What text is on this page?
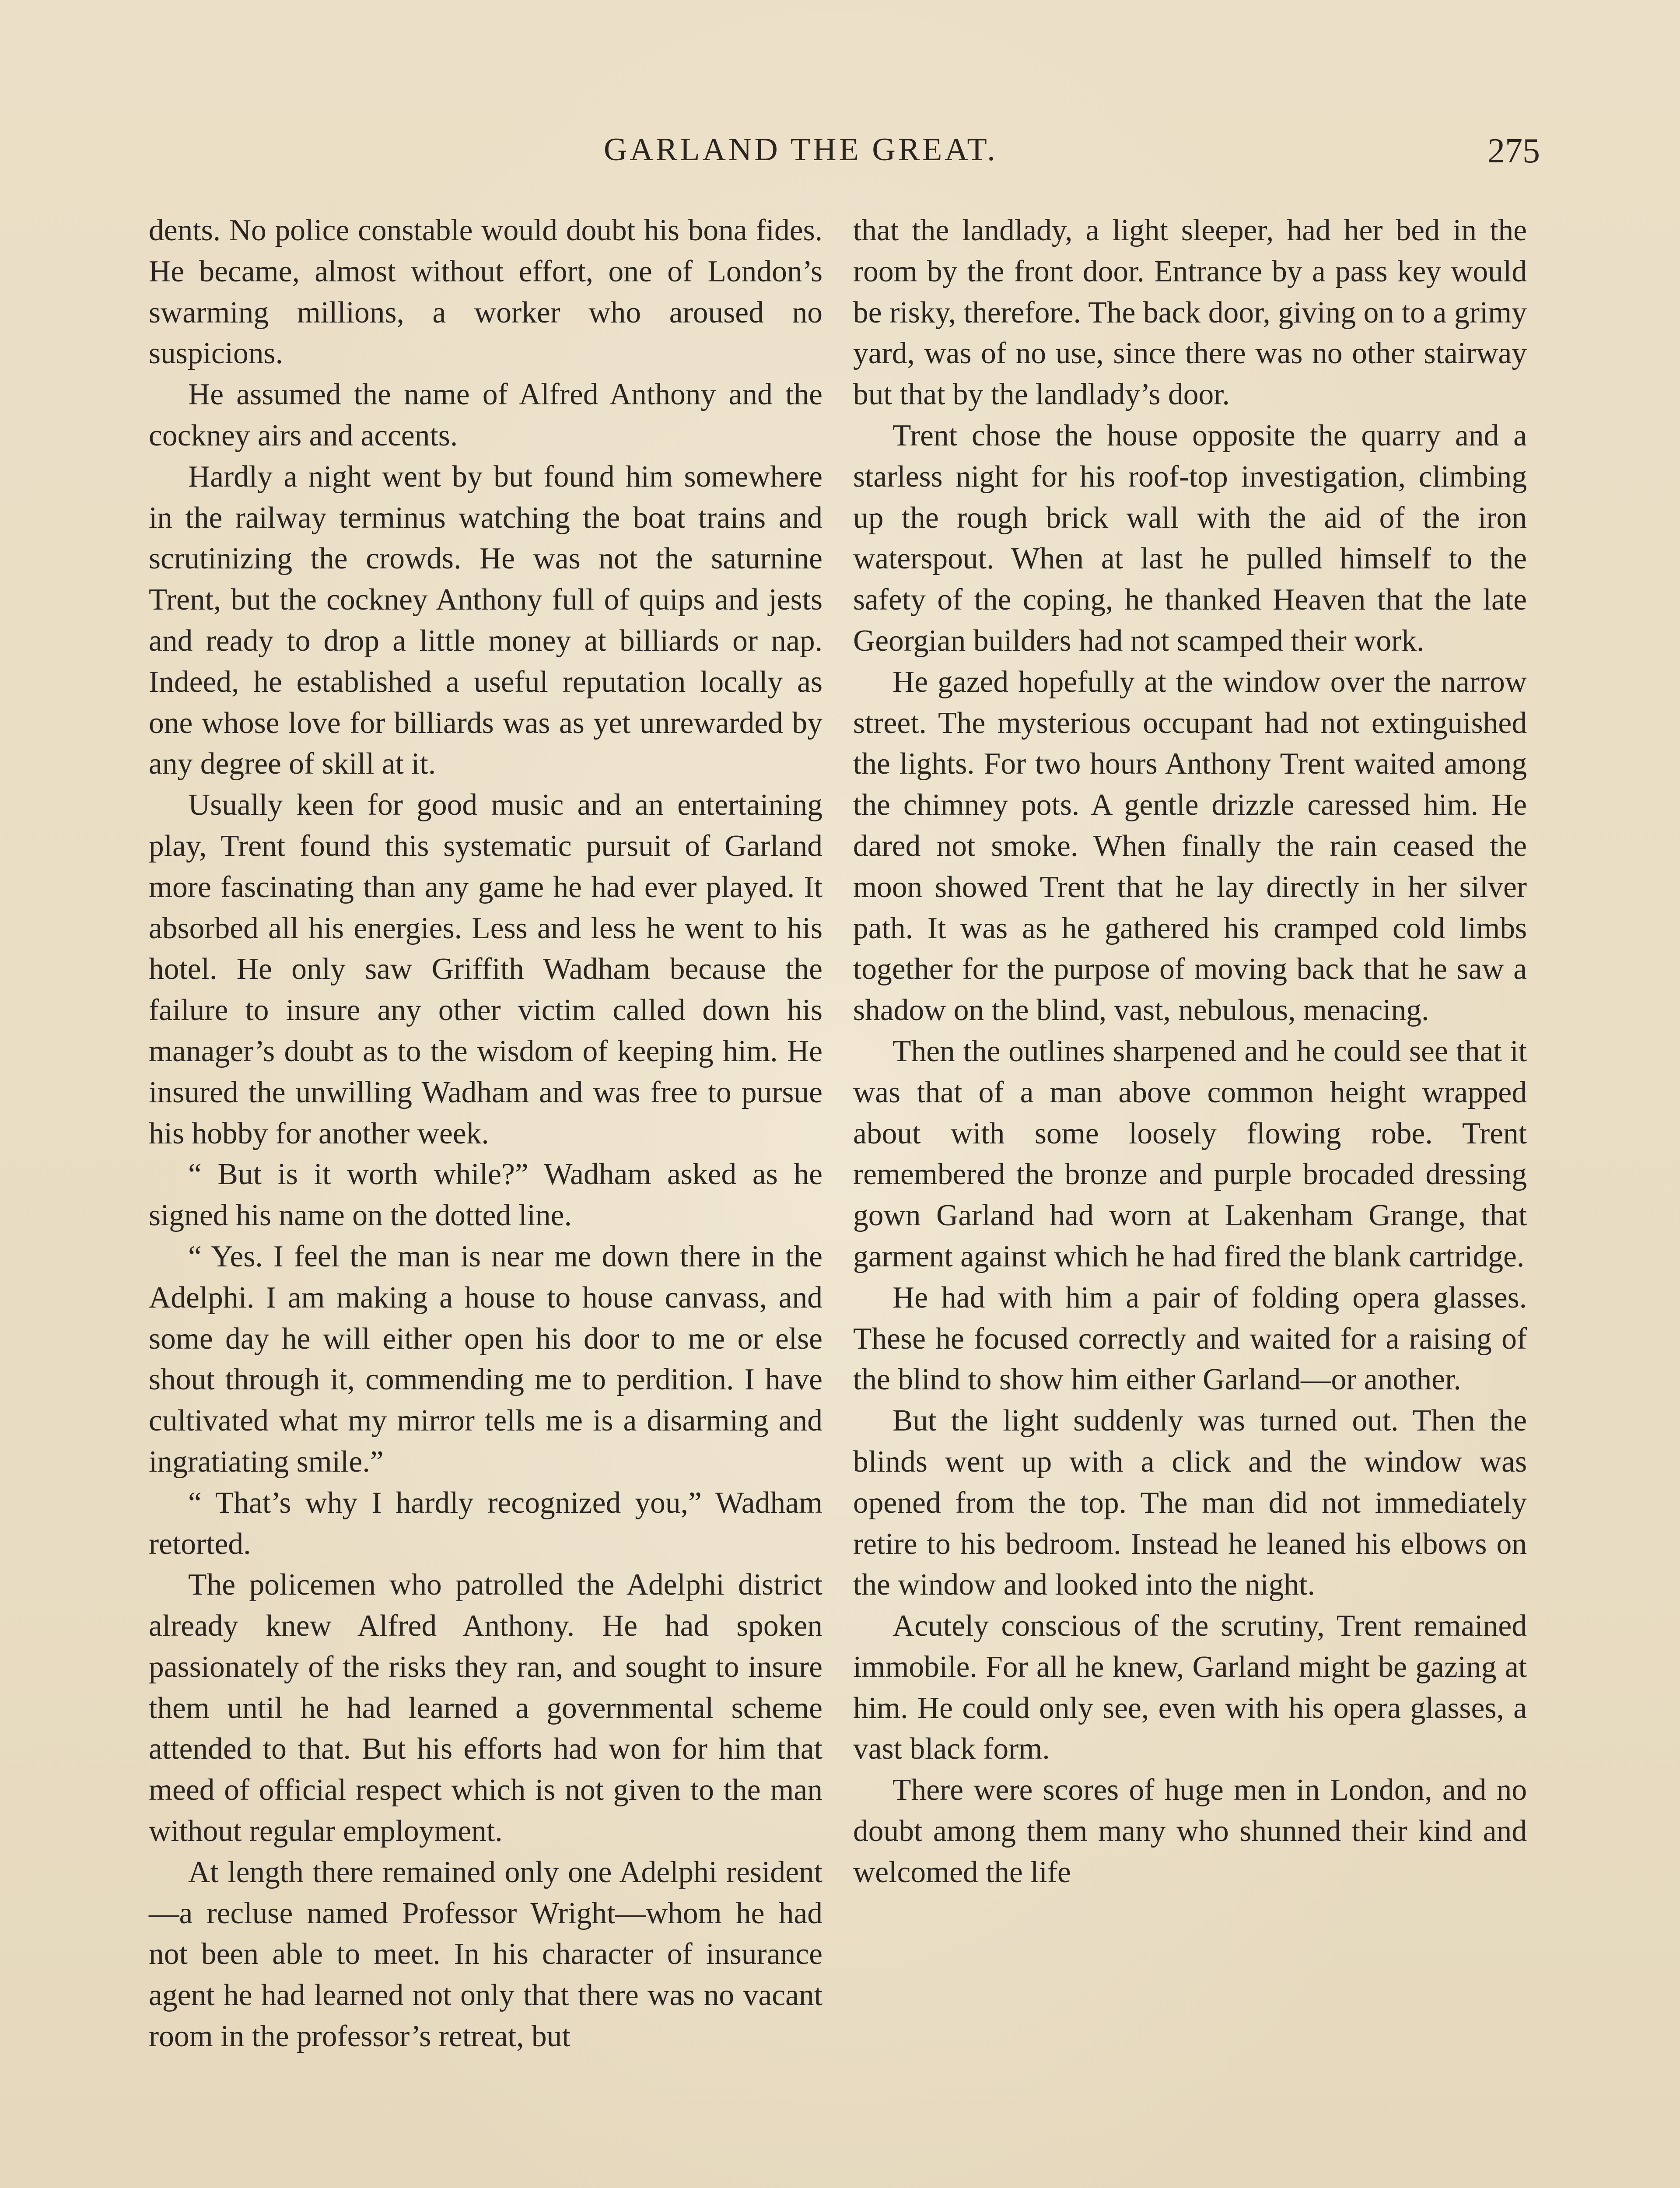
GARLAND THE GREAT.	275

dents. No police constable would doubt his bona fides. He became, almost without effort, one of London’s swarming millions, a worker who aroused no suspicions.

He assumed the name of Alfred Anthony and the cockney airs and accents.

Hardly a night went by but found him somewhere in the railway terminus watching the boat trains and scrutinizing the crowds. He was not the saturnine Trent, but the cockney Anthony full of quips and jests and ready to drop a little money at billiards or nap. Indeed, he established a useful reputation locally as one whose love for billiards was as yet unrewarded by any degree of skill at it.

Usually keen for good music and an entertaining play, Trent found this systematic pursuit of Garland more fascinating than any game he had ever played. It absorbed all his energies. Less and less he went to his hotel. He only saw Griffith Wadham because the failure to insure any other victim called down his manager’s doubt as to the wisdom of keeping him. He insured the unwilling Wadham and was free to pursue his hobby for another week.

“ But is it worth while?” Wadham asked as he signed his name on the dotted line.

“ Yes. I feel the man is near me down there in the Adelphi. I am making a house to house canvass, and some day he will either open his door to me or else shout through it, commending me to perdition. I have cultivated what my mirror tells me is a disarming and ingratiating smile.”

“ That’s why I hardly recognized you,” Wadham retorted.

The policemen who patrolled the Adelphi district already knew Alfred Anthony. He had spoken passionately of the risks they ran, and sought to insure them until he had learned a governmental scheme attended to that. But his efforts had won for him that meed of official respect which is not given to the man without regular employment.

At length there remained only one Adelphi resident—a recluse named Professor Wright—whom he had not been able to meet. In his character of insurance agent he had learned not only that there was no vacant room in the professor’s retreat, but

that the landlady, a light sleeper, had her bed in the room by the front door. Entrance by a pass key would be risky, therefore. The back door, giving on to a grimy yard, was of no use, since there was no other stairway but that by the landlady’s door.

Trent chose the house opposite the quarry and a starless night for his roof-top investigation, climbing up the rough brick wall with the aid of the iron waterspout. When at last he pulled himself to the safety of the coping, he thanked Heaven that the late Georgian builders had not scamped their work.

He gazed hopefully at the window over the narrow street. The mysterious occupant had not extinguished the lights. For two hours Anthony Trent waited among the chimney pots. A gentle drizzle caressed him. He dared not smoke. When finally the rain ceased the moon showed Trent that he lay directly in her silver path. It was as he gathered his cramped cold limbs together for the purpose of moving back that he saw a shadow on the blind, vast, nebulous, menacing.

Then the outlines sharpened and he could see that it was that of a man above common height wrapped about with some loosely flowing robe. Trent remembered the bronze and purple brocaded dressing gown Garland had worn at Lakenham Grange, that garment against which he had fired the blank cartridge.

He had with him a pair of folding opera glasses. These he focused correctly and waited for a raising of the blind to show him either Garland—or another.

But the light suddenly was turned out. Then the blinds went up with a click and the window was opened from the top. The man did not immediately retire to his bedroom. Instead he leaned his elbows on the window and looked into the night.

Acutely conscious of the scrutiny, Trent remained immobile. For all he knew, Garland might be gazing at him. He could only see, even with his opera glasses, a vast black form.

There were scores of huge men in London, and no doubt among them many who shunned their kind and welcomed the life
